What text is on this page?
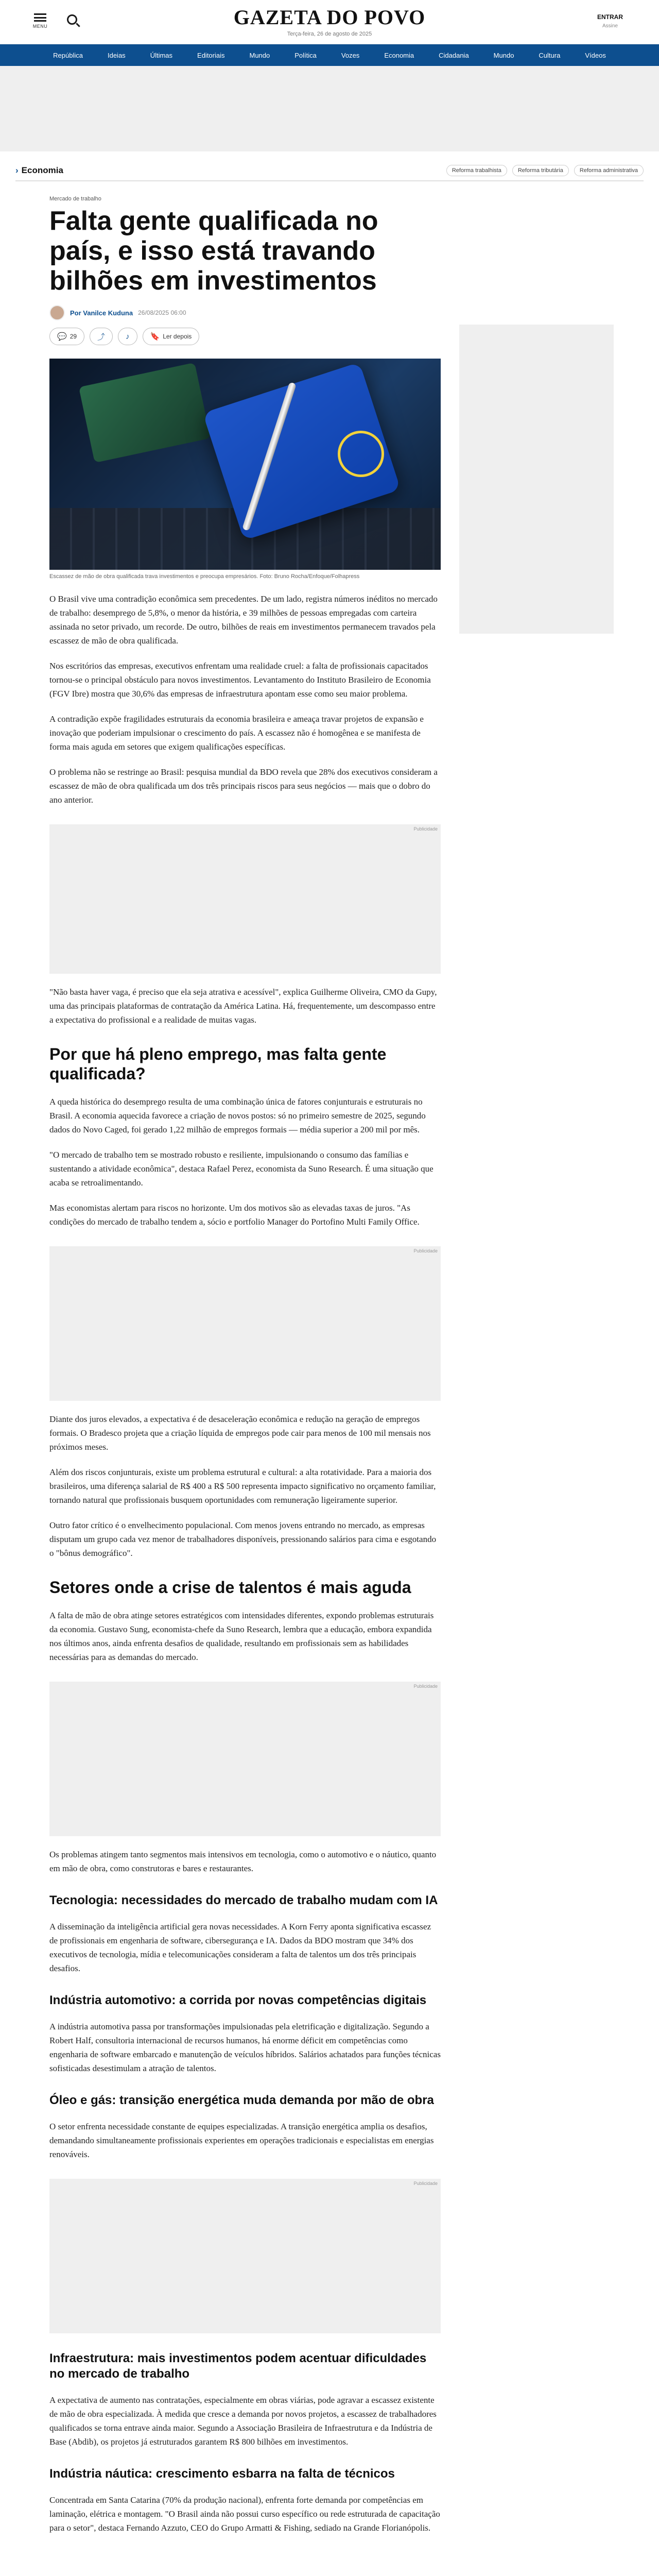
MENU	GAZETA DO POVO
Terça-feira, 26 de agosto de 2025
ENTRAR
Assine
República	Ideias	Últimas	Editoriais	Mundo	Política	Vozes	Economia	Cidadania	Mundo	Cultura	Vídeos
› Economia	Reforma trabalhista	Reforma tributária	Reforma administrativa
Mercado de trabalho
Falta gente qualificada no país, e isso está travando bilhões em investimentos
Por Vanilce Kuduna 26/08/2025 06:00
💬 29	⤴	♪	🔖 Ler depois
Escassez de mão de obra qualificada trava investimentos e preocupa empresários. Foto: Bruno Rocha/Enfoque/Folhapress

O Brasil vive uma contradição econômica sem precedentes. De um lado, registra números inéditos no mercado de trabalho: desemprego de 5,8%, o menor da história, e 39 milhões de pessoas empregadas com carteira assinada no setor privado, um recorde. De outro, bilhões de reais em investimentos permanecem travados pela escassez de mão de obra qualificada.

Nos escritórios das empresas, executivos enfrentam uma realidade cruel: a falta de profissionais capacitados tornou-se o principal obstáculo para novos investimentos. Levantamento do Instituto Brasileiro de Economia (FGV Ibre) mostra que 30,6% das empresas de infraestrutura apontam esse como seu maior problema.

A contradição expõe fragilidades estruturais da economia brasileira e ameaça travar projetos de expansão e inovação que poderiam impulsionar o crescimento do país. A escassez não é homogênea e se manifesta de forma mais aguda em setores que exigem qualificações específicas.

O problema não se restringe ao Brasil: pesquisa mundial da BDO revela que 28% dos executivos consideram a escassez de mão de obra qualificada um dos três principais riscos para seus negócios — mais que o dobro do ano anterior.

Publicidade

"Não basta haver vaga, é preciso que ela seja atrativa e acessível", explica Guilherme Oliveira, CMO da Gupy, uma das principais plataformas de contratação da América Latina. Há, frequentemente, um descompasso entre a expectativa do profissional e a realidade de muitas vagas.

Por que há pleno emprego, mas falta gente qualificada?

A queda histórica do desemprego resulta de uma combinação única de fatores conjunturais e estruturais no Brasil. A economia aquecida favorece a criação de novos postos: só no primeiro semestre de 2025, segundo dados do Novo Caged, foi gerado 1,22 milhão de empregos formais — média superior a 200 mil por mês.

"O mercado de trabalho tem se mostrado robusto e resiliente, impulsionando o consumo das famílias e sustentando a atividade econômica", destaca Rafael Perez, economista da Suno Research. É uma situação que acaba se retroalimentando.

Mas economistas alertam para riscos no horizonte. Um dos motivos são as elevadas taxas de juros. "As condições do mercado de trabalho tendem a, sócio e portfolio Manager do Portofino Multi Family Office.

Publicidade

Diante dos juros elevados, a expectativa é de desaceleração econômica e redução na geração de empregos formais. O Bradesco projeta que a criação líquida de empregos pode cair para menos de 100 mil mensais nos próximos meses.

Além dos riscos conjunturais, existe um problema estrutural e cultural: a alta rotatividade. Para a maioria dos brasileiros, uma diferença salarial de R$ 400 a R$ 500 representa impacto significativo no orçamento familiar, tornando natural que profissionais busquem oportunidades com remuneração ligeiramente superior.

Outro fator crítico é o envelhecimento populacional. Com menos jovens entrando no mercado, as empresas disputam um grupo cada vez menor de trabalhadores disponíveis, pressionando salários para cima e esgotando o "bônus demográfico".

Setores onde a crise de talentos é mais aguda

A falta de mão de obra atinge setores estratégicos com intensidades diferentes, expondo problemas estruturais da economia. Gustavo Sung, economista-chefe da Suno Research, lembra que a educação, embora expandida nos últimos anos, ainda enfrenta desafios de qualidade, resultando em profissionais sem as habilidades necessárias para as demandas do mercado.

Publicidade

Os problemas atingem tanto segmentos mais intensivos em tecnologia, como o automotivo e o náutico, quanto em mão de obra, como construtoras e bares e restaurantes.

Tecnologia: necessidades do mercado de trabalho mudam com IA

A disseminação da inteligência artificial gera novas necessidades. A Korn Ferry aponta significativa escassez de profissionais em engenharia de software, cibersegurança e IA. Dados da BDO mostram que 34% dos executivos de tecnologia, mídia e telecomunicações consideram a falta de talentos um dos três principais desafios.

Indústria automotivo: a corrida por novas competências digitais

A indústria automotiva passa por transformações impulsionadas pela eletrificação e digitalização. Segundo a Robert Half, consultoria internacional de recursos humanos, há enorme déficit em competências como engenharia de software embarcado e manutenção de veículos híbridos. Salários achatados para funções técnicas sofisticadas desestimulam a atração de talentos.

Óleo e gás: transição energética muda demanda por mão de obra

O setor enfrenta necessidade constante de equipes especializadas. A transição energética amplia os desafios, demandando simultaneamente profissionais experientes em operações tradicionais e especialistas em energias renováveis.

Publicidade
Infraestrutura: mais investimentos podem acentuar dificuldades no mercado de trabalho

A expectativa de aumento nas contratações, especialmente em obras viárias, pode agravar a escassez existente de mão de obra especializada. À medida que cresce a demanda por novos projetos, a escassez de trabalhadores qualificados se torna entrave ainda maior. Segundo a Associação Brasileira de Infraestrutura e da Indústria de Base (Abdib), os projetos já estruturados garantem R$ 800 bilhões em investimentos.

Indústria náutica: crescimento esbarra na falta de técnicos

Concentrada em Santa Catarina (70% da produção nacional), enfrenta forte demanda por competências em laminação, elétrica e montagem. "O Brasil ainda não possui curso específico ou rede estruturada de capacitação para o setor", destaca Fernando Azzuto, CEO do Grupo Armatti & Fishing, sediado na Grande Florianópolis.
